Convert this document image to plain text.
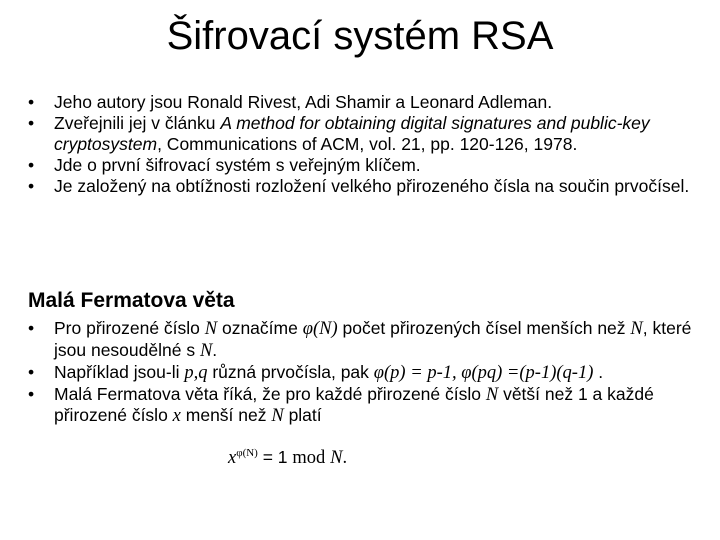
Šifrovací systém RSA
• Jeho autory jsou Ronald Rivest, Adi Shamir a Leonard Adleman.
• Zveřejnili jej v článku A method for obtaining digital signatures and public-key cryptosystem, Communications of ACM, vol. 21, pp. 120-126, 1978.
• Jde o první šifrovací systém s veřejným klíčem.
• Je založený na obtížnosti rozložení velkého přirozeného čísla na součin prvočísel.
Malá Fermatova věta
• Pro přirozené číslo N označíme φ(N) počet přirozených čísel menších než N, které jsou nesoudělné s N.
• Například jsou-li p,q různá prvočísla, pak φ(p) = p-1, φ(pq) =(p-1)(q-1) .
• Malá Fermatova věta říká, že pro každé přirozené číslo N větší než 1 a každé přirozené číslo x menší než N platí
$x^{\varphi(N)} = 1$ mod N.
